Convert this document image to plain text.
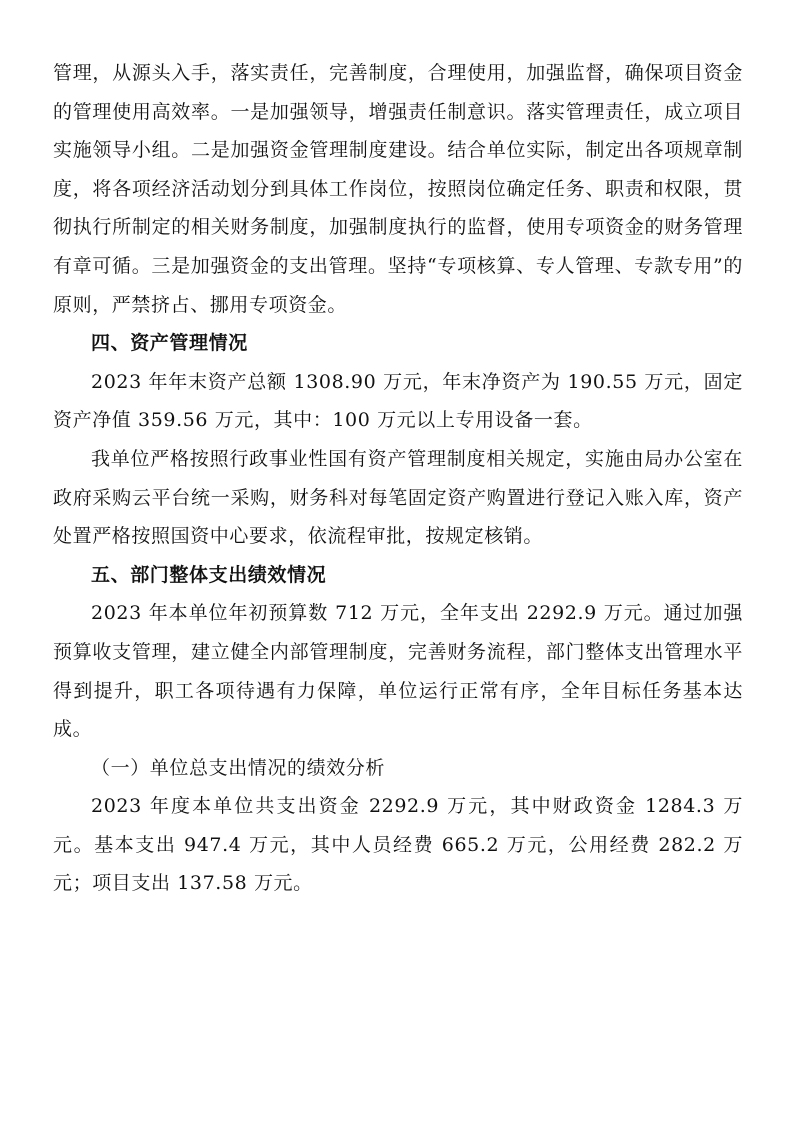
管理，从源头入手，落实责任，完善制度，合理使用，加强监督，确保项目资金的管理使用高效率。一是加强领导，增强责任制意识。落实管理责任，成立项目实施领导小组。二是加强资金管理制度建设。结合单位实际，制定出各项规章制度，将各项经济活动划分到具体工作岗位，按照岗位确定任务、职责和权限，贯彻执行所制定的相关财务制度，加强制度执行的监督，使用专项资金的财务管理有章可循。三是加强资金的支出管理。坚持“专项核算、专人管理、专款专用”的原则，严禁挤占、挪用专项资金。

四、资产管理情况

2023 年年末资产总额 1308.90 万元，年末净资产为 190.55 万元，固定资产净值 359.56 万元，其中：100 万元以上专用设备一套。

我单位严格按照行政事业性国有资产管理制度相关规定，实施由局办公室在政府采购云平台统一采购，财务科对每笔固定资产购置进行登记入账入库，资产处置严格按照国资中心要求，依流程审批，按规定核销。

五、部门整体支出绩效情况

2023 年本单位年初预算数 712 万元，全年支出 2292.9 万元。通过加强预算收支管理，建立健全内部管理制度，完善财务流程，部门整体支出管理水平得到提升，职工各项待遇有力保障，单位运行正常有序，全年目标任务基本达成。

（一）单位总支出情况的绩效分析

2023 年度本单位共支出资金 2292.9 万元，其中财政资金 1284.3 万元。基本支出 947.4 万元，其中人员经费 665.2 万元，公用经费 282.2 万元；项目支出 137.58 万元。
